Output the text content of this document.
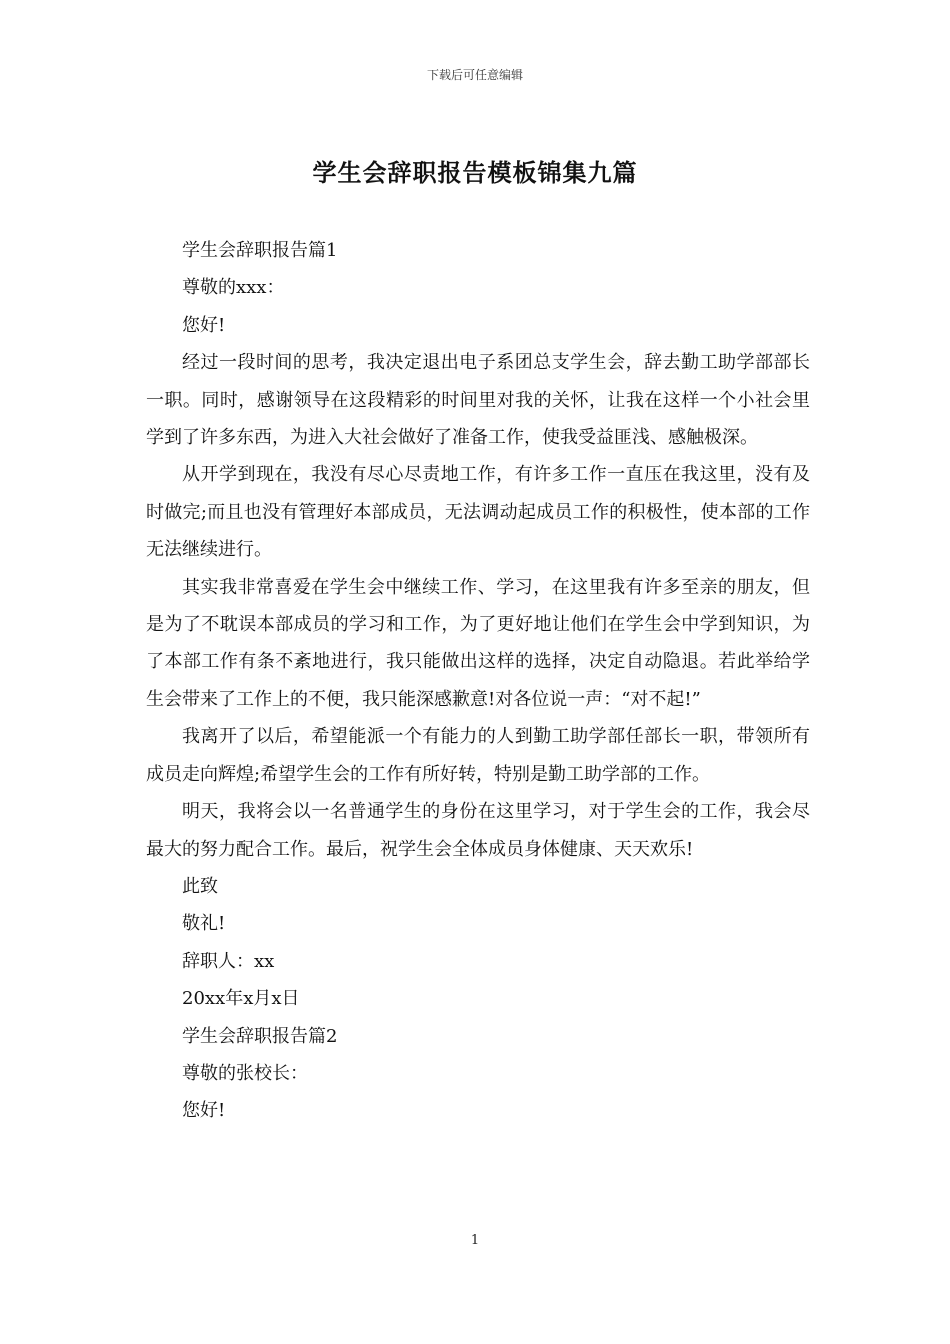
下载后可任意编辑
学生会辞职报告模板锦集九篇

学生会辞职报告篇1

尊敬的xxx：

您好!

经过一段时间的思考，我决定退出电子系团总支学生会，辞去勤工助学部部长一职。同时，感谢领导在这段精彩的时间里对我的关怀，让我在这样一个小社会里学到了许多东西，为进入大社会做好了准备工作，使我受益匪浅、感触极深。

从开学到现在，我没有尽心尽责地工作，有许多工作一直压在我这里，没有及时做完;而且也没有管理好本部成员，无法调动起成员工作的积极性，使本部的工作无法继续进行。

其实我非常喜爱在学生会中继续工作、学习，在这里我有许多至亲的朋友，但是为了不耽误本部成员的学习和工作，为了更好地让他们在学生会中学到知识，为了本部工作有条不紊地进行，我只能做出这样的选择，决定自动隐退。若此举给学生会带来了工作上的不便，我只能深感歉意!对各位说一声：“对不起!”

我离开了以后，希望能派一个有能力的人到勤工助学部任部长一职，带领所有成员走向辉煌;希望学生会的工作有所好转，特别是勤工助学部的工作。

明天，我将会以一名普通学生的身份在这里学习，对于学生会的工作，我会尽最大的努力配合工作。最后，祝学生会全体成员身体健康、天天欢乐!

此致

敬礼!

辞职人：xx

20xx年x月x日

学生会辞职报告篇2

尊敬的张校长：

您好!

1
